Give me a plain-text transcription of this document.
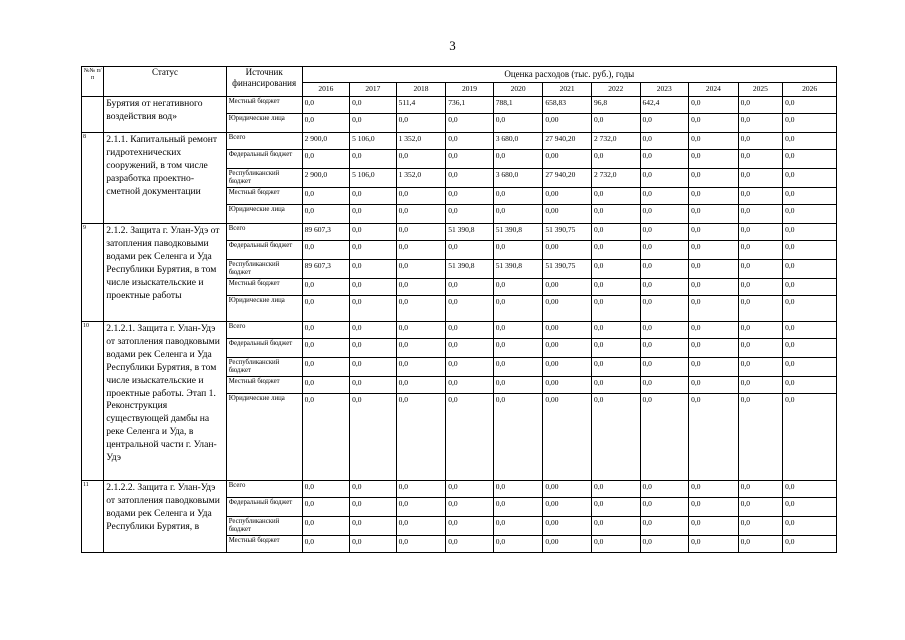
3
№№ п/п	Статус	Источник финансирования	Оценка расходов (тыс. руб.), годы										
			2016	2017	2018	2019	2020	2021	2022	2023	2024	2025	2026
	Бурятия от негативного воздействия вод»	Местный бюджет	0,0	0,0	511,4	736,1	788,1	658,83	96,8	642,4	0,0	0,0	0,0
		Юридические лица	0,0	0,0	0,0	0,0	0,0	0,00	0,0	0,0	0,0	0,0	0,0
8	2.1.1. Капитальный ремонт гидротехнических сооружений, в том числе разработка проектно-сметной документации	Всего	2 900,0	5 106,0	1 352,0	0,0	3 680,0	27 940,20	2 732,0	0,0	0,0	0,0	0,0
		Федеральный бюджет	0,0	0,0	0,0	0,0	0,0	0,00	0,0	0,0	0,0	0,0	0,0
		Республиканский бюджет	2 900,0	5 106,0	1 352,0	0,0	3 680,0	27 940,20	2 732,0	0,0	0,0	0,0	0,0
		Местный бюджет	0,0	0,0	0,0	0,0	0,0	0,00	0,0	0,0	0,0	0,0	0,0
		Юридические лица	0,0	0,0	0,0	0,0	0,0	0,00	0,0	0,0	0,0	0,0	0,0
9	2.1.2. Защита г. Улан-Удэ от затопления паводковыми водами рек Селенга и Уда Республики Бурятия, в том числе изыскательские и проектные работы	Всего	89 607,3	0,0	0,0	51 390,8	51 390,8	51 390,75	0,0	0,0	0,0	0,0	0,0
		Федеральный бюджет	0,0	0,0	0,0	0,0	0,0	0,00	0,0	0,0	0,0	0,0	0,0
		Республиканский бюджет	89 607,3	0,0	0,0	51 390,8	51 390,8	51 390,75	0,0	0,0	0,0	0,0	0,0
		Местный бюджет	0,0	0,0	0,0	0,0	0,0	0,00	0,0	0,0	0,0	0,0	0,0
		Юридические лица	0,0	0,0	0,0	0,0	0,0	0,00	0,0	0,0	0,0	0,0	0,0
10	2.1.2.1. Защита г. Улан-Удэ от затопления паводковыми водами рек Селенга и Уда Республики Бурятия, в том числе изыскательские и проектные работы. Этап 1. Реконструкция существующей дамбы на реке Селенга и Уда, в центральной части г. Улан-Удэ	Всего	0,0	0,0	0,0	0,0	0,0	0,00	0,0	0,0	0,0	0,0	0,0
		Федеральный бюджет	0,0	0,0	0,0	0,0	0,0	0,00	0,0	0,0	0,0	0,0	0,0
		Республиканский бюджет	0,0	0,0	0,0	0,0	0,0	0,00	0,0	0,0	0,0	0,0	0,0
		Местный бюджет	0,0	0,0	0,0	0,0	0,0	0,00	0,0	0,0	0,0	0,0	0,0
		Юридические лица	0,0	0,0	0,0	0,0	0,0	0,00	0,0	0,0	0,0	0,0	0,0
11	2.1.2.2. Защита г. Улан-Удэ от затопления паводковыми водами рек Селенга и Уда Республики Бурятия, в	Всего	0,0	0,0	0,0	0,0	0,0	0,00	0,0	0,0	0,0	0,0	0,0
		Федеральный бюджет	0,0	0,0	0,0	0,0	0,0	0,00	0,0	0,0	0,0	0,0	0,0
		Республиканский бюджет	0,0	0,0	0,0	0,0	0,0	0,00	0,0	0,0	0,0	0,0	0,0
		Местный бюджет	0,0	0,0	0,0	0,0	0,0	0,00	0,0	0,0	0,0	0,0	0,0
